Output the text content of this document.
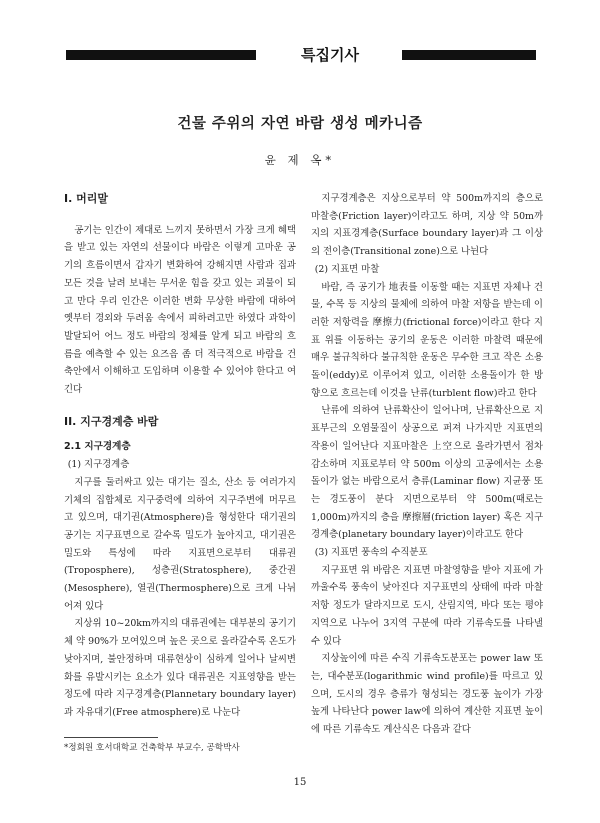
특집기사
건물 주위의 자연 바람 생성 메카니즘
윤 제 옥*
I. 머리말

공기는 인간이 제대로 느끼지 못하면서 가장 크게 혜택을 받고 있는 자연의 선물이다 바람은 이렇게 고마운 공기의 흐름이면서 갑자기 변화하여 강해지면 사람과 집과 모든 것을 날려 보내는 무서운 힘을 갖고 있는 괴물이 되고 만다 우리 인간은 이러한 변화 무상한 바람에 대하여 옛부터 경외와 두려움 속에서 피하려고만 하였다 과학이 발달되어 어느 정도 바람의 정체를 알게 되고 바람의 흐름을 예측할 수 있는 요즈음 좀 더 적극적으로 바람을 건축안에서 이해하고 도입하며 이용할 수 있어야 한다고 여긴다

II. 지구경계층 바람
2.1 지구경계층

(1) 지구경계층

지구를 둘러싸고 있는 대기는 질소, 산소 등 여러가지 기체의 집합체로 지구중력에 의하여 지구주변에 머무르고 있으며, 대기권(Atmosphere)을 형성한다 대기권의 공기는 지구표면으로 갈수록 밀도가 높아지고, 대기권은 밀도와 특성에 따라 지표면으로부터 대류권(Troposphere), 성층권(Stratosphere), 중간권(Mesosphere), 열권(Thermosphere)으로 크게 나뉘어져 있다

지상위 10~20km까지의 대류권에는 대부분의 공기기체 약 90%가 모여있으며 높은 곳으로 올라갈수록 온도가 낮아지며, 불안정하며 대류현상이 심하게 일어나 날씨변화를 유발시키는 요소가 있다 대류권은 지표영향을 받는 정도에 따라 지구경계층(Plannetary boundary layer)과 자유대기(Free atmosphere)로 나눈다

지구경계층은 지상으로부터 약 500m까지의 층으로 마찰층(Friction layer)이라고도 하며, 지상 약 50m까지의 지표경계층(Surface boundary layer)과 그 이상의 전이층(Transitional zone)으로 나뉜다

(2) 지표면 마찰

바람, 즉 공기가 地表를 이동할 때는 지표면 자체나 건물, 수목 등 지상의 물체에 의하여 마찰 저항을 받는데 이러한 저항력을 摩擦力(frictional force)이라고 한다 지표 위를 이동하는 공기의 운동은 이러한 마찰력 때문에 매우 불규칙하다 불규칙한 운동은 무수한 크고 작은 소용돌이(eddy)로 이루어져 있고, 이러한 소용돌이가 한 방향으로 흐르는데 이것을 난류(turblent flow)라고 한다

난류에 의하여 난류확산이 일어나며, 난류확산으로 지표부근의 오염물질이 상공으로 퍼져 나가지만 지표면의 작용이 일어난다 지표마찰은 上空으로 올라가면서 점차 감소하며 지표로부터 약 500m 이상의 고공에서는 소용돌이가 없는 바람으로서 층류(Laminar flow) 지균풍 또는 경도풍이 분다 지면으로부터 약 500m(때로는 1,000m)까지의 층을 摩擦層(friction layer) 혹은 지구경계층(planetary boundary layer)이라고도 한다

(3) 지표면 풍속의 수직분포

지구표면 위 바람은 지표면 마찰영향을 받아 지표에 가까울수록 풍속이 낮아진다 지구표면의 상태에 따라 마찰저항 정도가 달라지므로 도시, 산림지역, 바다 또는 평야지역으로 나누어 3지역 구분에 따라 기류속도를 나타낼 수 있다

지상높이에 따른 수직 기류속도분포는 power law 또는, 대수분포(logarithmic wind profile)를 따르고 있으며, 도시의 경우 층류가 형성되는 경도풍 높이가 가장 높게 나타난다 power law에 의하여 계산한 지표면 높이에 따른 기류속도 계산식은 다음과 같다

*정회원 호서대학교 건축학부 부교수, 공학박사
15
